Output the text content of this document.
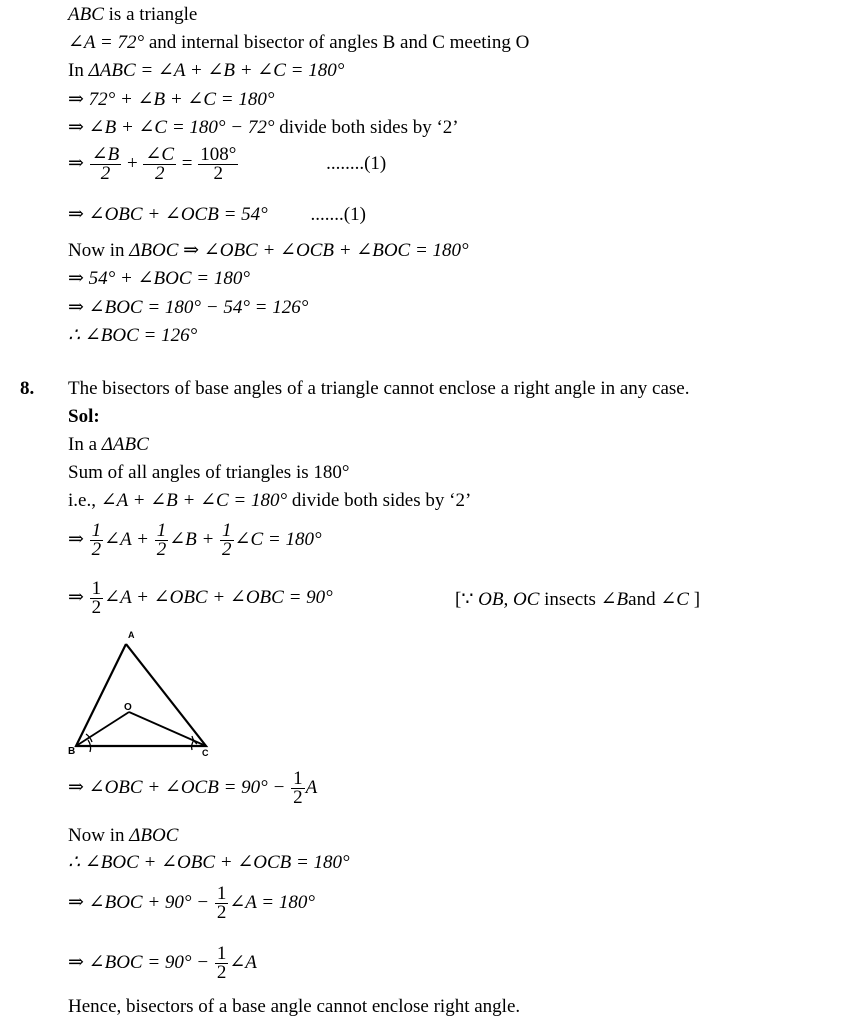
ABC is a triangle
∠A = 72° and internal bisector of angles B and C meeting O
In ΔABC = ∠A + ∠B + ∠C = 180°
⇒ 72° + ∠B + ∠C = 180°
⇒ ∠B + ∠C = 180° − 72° divide both sides by ‘2’
⇒ $\frac{\angle B}{2} + \frac{\angle C}{2} = \frac{108^\circ}{2}$	........(1)
⇒ ∠OBC + ∠OCB = 54° .......(1)
Now in ΔBOC ⇒ ∠OBC + ∠OCB + ∠BOC = 180°
⇒ 54° + ∠BOC = 180°
⇒ ∠BOC = 180° − 54° = 126°
∴ ∠BOC = 126°
8. The bisectors of base angles of a triangle cannot enclose a right angle in any case.
Sol:
In a ΔABC
Sum of all angles of triangles is 180°
i.e., ∠A + ∠B + ∠C = 180° divide both sides by ‘2’
⇒ $\frac{1}{2}$ ∠A + $\frac{1}{2}$ ∠B + $\frac{1}{2}$ ∠C = 180°
⇒ $\frac{1}{2}$ ∠A + ∠OBC + ∠OBC = 90°	[∵ OB, OC insects ∠Band ∠C ]
A
B	C
O
⇒ ∠OBC + ∠OCB = $90^\circ - \frac{1}{2}$ A
Now in ΔBOC
∴ ∠BOC + ∠OBC + ∠OCB = 180°
⇒ ∠BOC + $90^\circ - \frac{1}{2}$ ∠A = 180°
⇒ ∠BOC = $90^\circ - \frac{1}{2}$ ∠A
Hence, bisectors of a base angle cannot enclose right angle.
